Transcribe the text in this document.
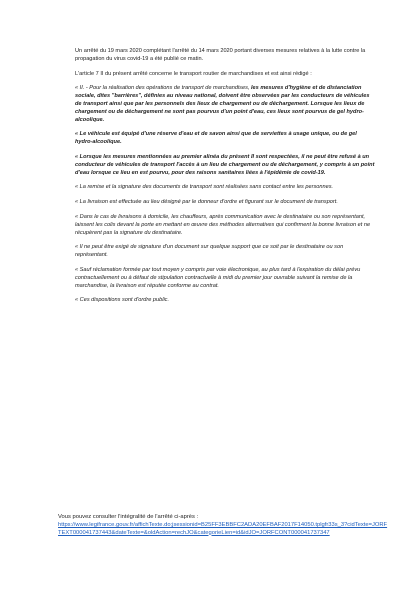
Un arrêté du 19 mars 2020 complétant l'arrêté du 14 mars 2020 portant diverses mesures relatives à la lutte contre la propagation du virus covid-19 a été publié ce matin.

L'article 7 II du présent arrêté concerne le transport routier de marchandises et est ainsi rédigé :

« II. - Pour la réalisation des opérations de transport de marchandises, les mesures d'hygiène et de distanciation sociale, dites "barrières", définies au niveau national, doivent être observées par les conducteurs de véhicules de transport ainsi que par les personnels des lieux de chargement ou de déchargement. Lorsque les lieux de chargement ou de déchargement ne sont pas pourvus d'un point d'eau, ces lieux sont pourvus de gel hydro-alcoolique.

« Le véhicule est équipé d'une réserve d'eau et de savon ainsi que de serviettes à usage unique, ou de gel hydro-alcoolique.

« Lorsque les mesures mentionnées au premier alinéa du présent II sont respectées, il ne peut être refusé à un conducteur de véhicules de transport l'accès à un lieu de chargement ou de déchargement, y compris à un point d'eau lorsque ce lieu en est pourvu, pour des raisons sanitaires liées à l'épidémie de covid-19.

« La remise et la signature des documents de transport sont réalisées sans contact entre les personnes.

« La livraison est effectuée au lieu désigné par le donneur d'ordre et figurant sur le document de transport.

« Dans le cas de livraisons à domicile, les chauffeurs, après communication avec le destinataire ou son représentant, laissent les colis devant la porte en mettant en œuvre des méthodes alternatives qui confirment la bonne livraison et ne récupèrent pas la signature du destinataire.

« Il ne peut être exigé de signature d'un document sur quelque support que ce soit par le destinataire ou son représentant.

« Sauf réclamation formée par tout moyen y compris par voie électronique, au plus tard à l'expiration du délai prévu contractuellement ou à défaut de stipulation contractuelle à midi du premier jour ouvrable suivant la remise de la marchandise, la livraison est réputée conforme au contrat.

« Ces dispositions sont d'ordre public.

Vous pouvez consulter l'intégralité de l'arrêté ci-après :
https://www.legifrance.gouv.fr/affichTexte.do;jsessionid=B25FF3EBBFC2ADA20EFBAF2017F14050.tplgfr33s_3?cidTexte=JORFTEXT000041737443&dateTexte=&oldAction=rechJO&categorieLien=id&idJO=JORFCONT000041737347
